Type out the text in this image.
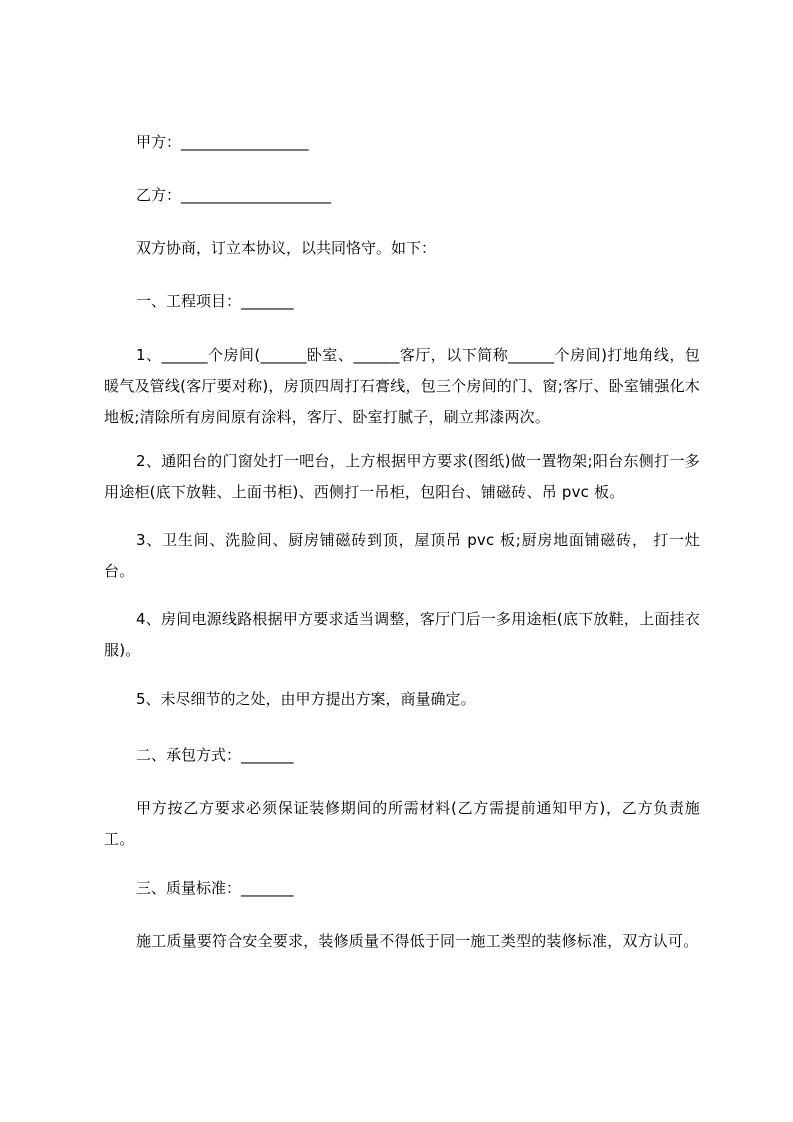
甲方：_________________

乙方：____________________

双方协商，订立本协议，以共同恪守。如下：

一、工程项目：_______

1、______个房间(______卧室、______客厅，以下简称______个房间)打地角线，包暖气及管线(客厅要对称)，房顶四周打石膏线，包三个房间的门、窗;客厅、卧室铺强化木地板;清除所有房间原有涂料，客厅、卧室打腻子，刷立邦漆两次。

2、通阳台的门窗处打一吧台，上方根据甲方要求(图纸)做一置物架;阳台东侧打一多用途柜(底下放鞋、上面书柜)、西侧打一吊柜，包阳台、铺磁砖、吊 pvc 板。

3、卫生间、洗脸间、厨房铺磁砖到顶，屋顶吊 pvc 板;厨房地面铺磁砖， 打一灶台。

4、房间电源线路根据甲方要求适当调整，客厅门后一多用途柜(底下放鞋，上面挂衣服)。

5、未尽细节的之处，由甲方提出方案，商量确定。

二、承包方式：_______

甲方按乙方要求必须保证装修期间的所需材料(乙方需提前通知甲方)，乙方负责施工。

三、质量标准：_______

施工质量要符合安全要求，装修质量不得低于同一施工类型的装修标准，双方认可。
